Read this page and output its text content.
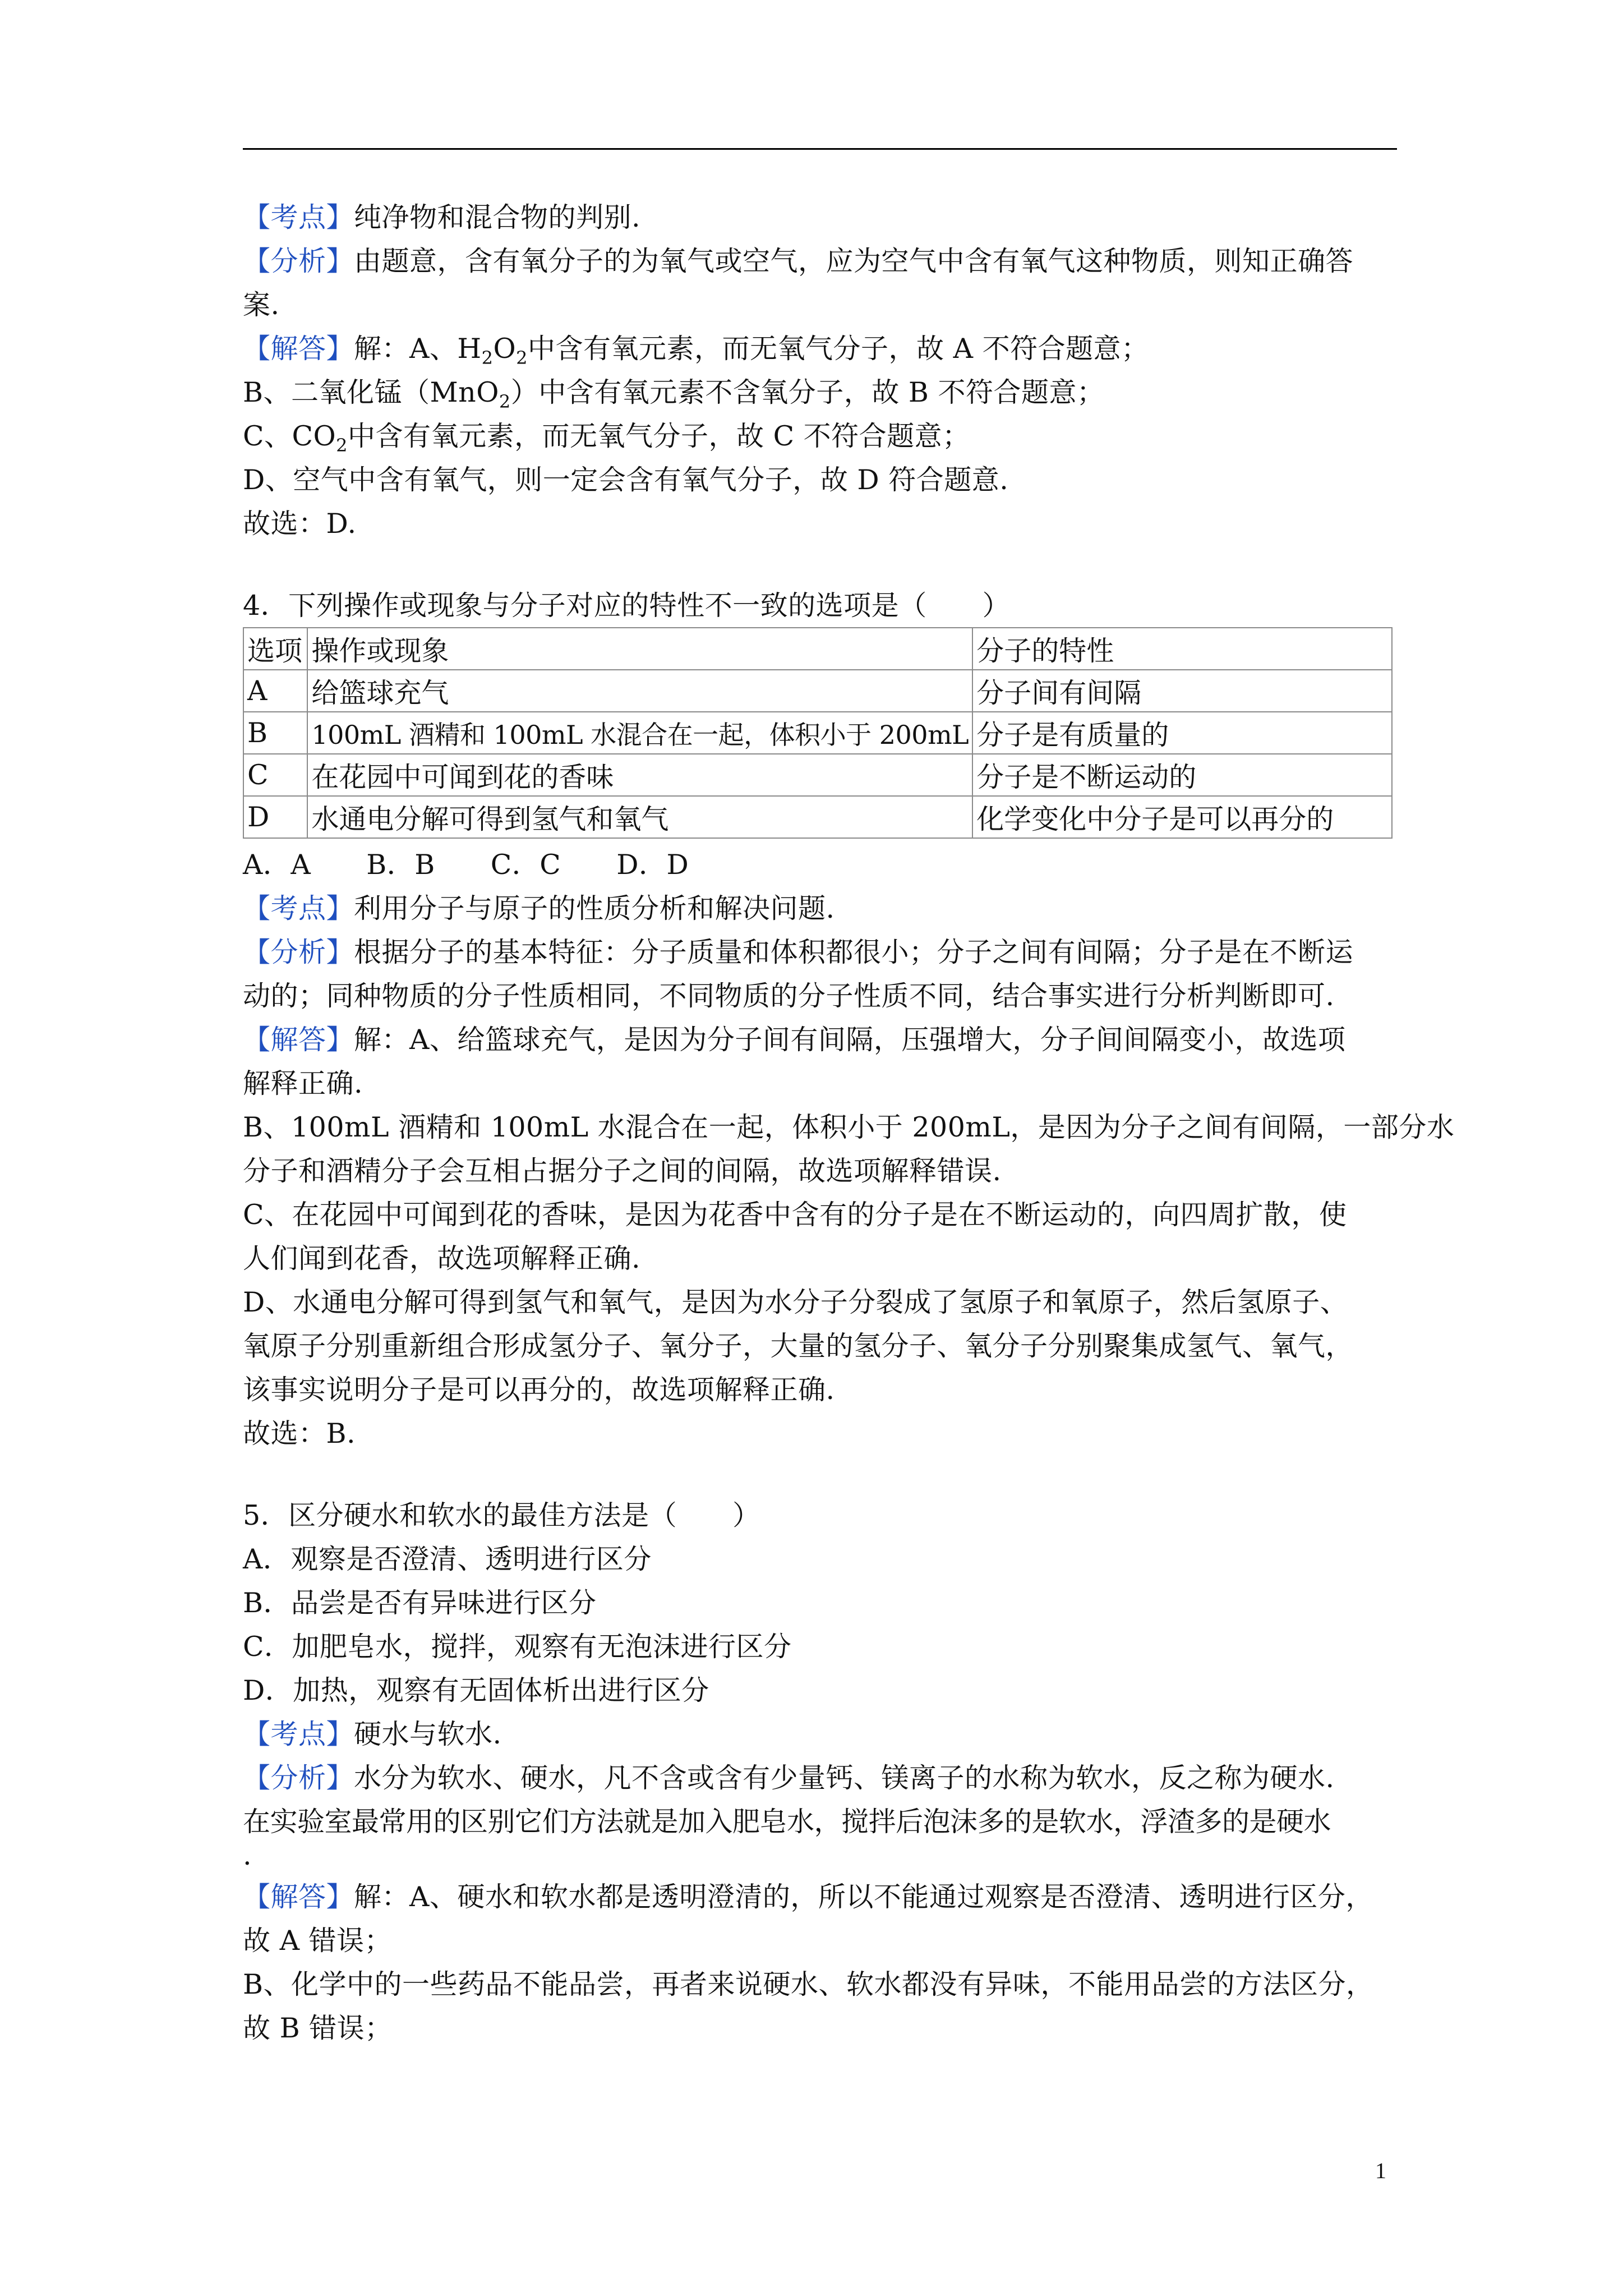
【考点】纯净物和混合物的判别.

【分析】由题意，含有氧分子的为氧气或空气，应为空气中含有氧气这种物质，则知正确答

案.

【解答】解：A、$H_2O_2$中含有氧元素，而无氧气分子，故 A 不符合题意；

B、二氧化锰（MnO$_2$）中含有氧元素不含氧分子，故 B 不符合题意；

C、$CO_2$中含有氧元素，而无氧气分子，故 C 不符合题意；

D、空气中含有氧气，则一定会含有氧气分子，故 D 符合题意.

故选：D.

4．下列操作或现象与分子对应的特性不一致的选项是（　　）

选项	操作或现象	分子的特性
A	给篮球充气	分子间有间隔
B	100mL 酒精和 100mL 水混合在一起，体积小于 200mL	分子是有质量的
C	在花园中可闻到花的香味	分子是不断运动的
D	水通电分解可得到氢气和氧气	化学变化中分子是可以再分的

A．A　　B．B　　C．C　　D．D

【考点】利用分子与原子的性质分析和解决问题.

【分析】根据分子的基本特征：分子质量和体积都很小；分子之间有间隔；分子是在不断运

动的；同种物质的分子性质相同，不同物质的分子性质不同，结合事实进行分析判断即可.

【解答】解：A、给篮球充气，是因为分子间有间隔，压强增大，分子间间隔变小，故选项

解释正确.

B、100mL 酒精和 100mL 水混合在一起，体积小于 200mL，是因为分子之间有间隔，一部分水

分子和酒精分子会互相占据分子之间的间隔，故选项解释错误.

C、在花园中可闻到花的香味，是因为花香中含有的分子是在不断运动的，向四周扩散，使

人们闻到花香，故选项解释正确.

D、水通电分解可得到氢气和氧气，是因为水分子分裂成了氢原子和氧原子，然后氢原子、

氧原子分别重新组合形成氢分子、氧分子，大量的氢分子、氧分子分别聚集成氢气、氧气，

该事实说明分子是可以再分的，故选项解释正确.

故选：B.

5．区分硬水和软水的最佳方法是（　　）

A．观察是否澄清、透明进行区分

B．品尝是否有异味进行区分

C．加肥皂水，搅拌，观察有无泡沫进行区分

D．加热，观察有无固体析出进行区分

【考点】硬水与软水.

【分析】水分为软水、硬水，凡不含或含有少量钙、镁离子的水称为软水，反之称为硬水.

在实验室最常用的区别它们方法就是加入肥皂水，搅拌后泡沫多的是软水，浮渣多的是硬水

.

【解答】解：A、硬水和软水都是透明澄清的，所以不能通过观察是否澄清、透明进行区分，

故 A 错误；

B、化学中的一些药品不能品尝，再者来说硬水、软水都没有异味，不能用品尝的方法区分，

故 B 错误；

1
